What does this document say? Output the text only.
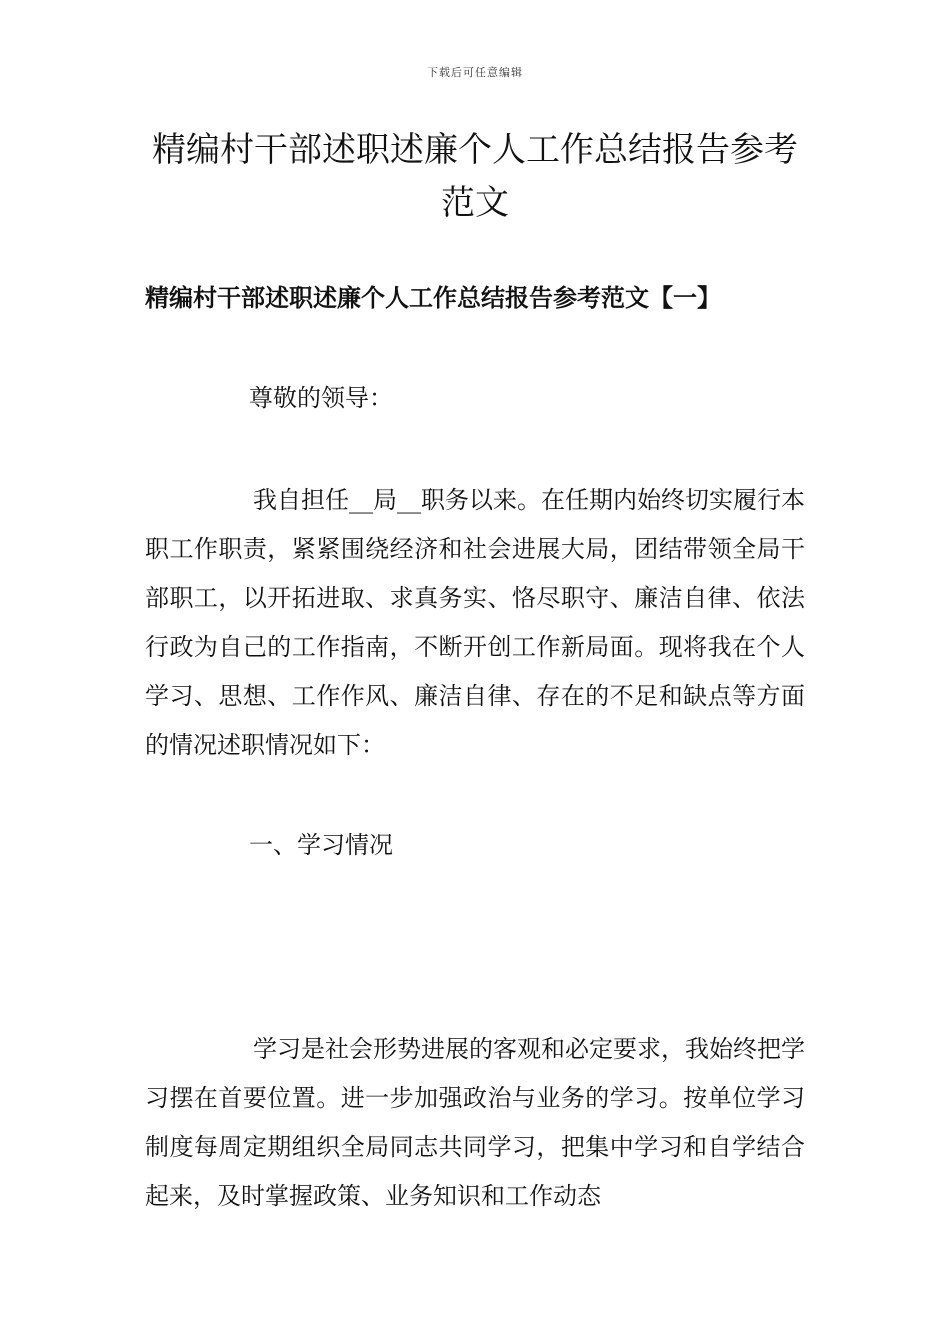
下载后可任意编辑
精编村干部述职述廉个人工作总结报告参考范文
精编村干部述职述廉个人工作总结报告参考范文【一】

尊敬的领导：

我自担任__局__职务以来。在任期内始终切实履行本职工作职责，紧紧围绕经济和社会进展大局，团结带领全局干部职工，以开拓进取、求真务实、恪尽职守、廉洁自律、依法行政为自己的工作指南，不断开创工作新局面。现将我在个人学习、思想、工作作风、廉洁自律、存在的不足和缺点等方面的情况述职情况如下：

一、学习情况

学习是社会形势进展的客观和必定要求，我始终把学习摆在首要位置。进一步加强政治与业务的学习。按单位学习制度每周定期组织全局同志共同学习，把集中学习和自学结合起来，及时掌握政策、业务知识和工作动态
